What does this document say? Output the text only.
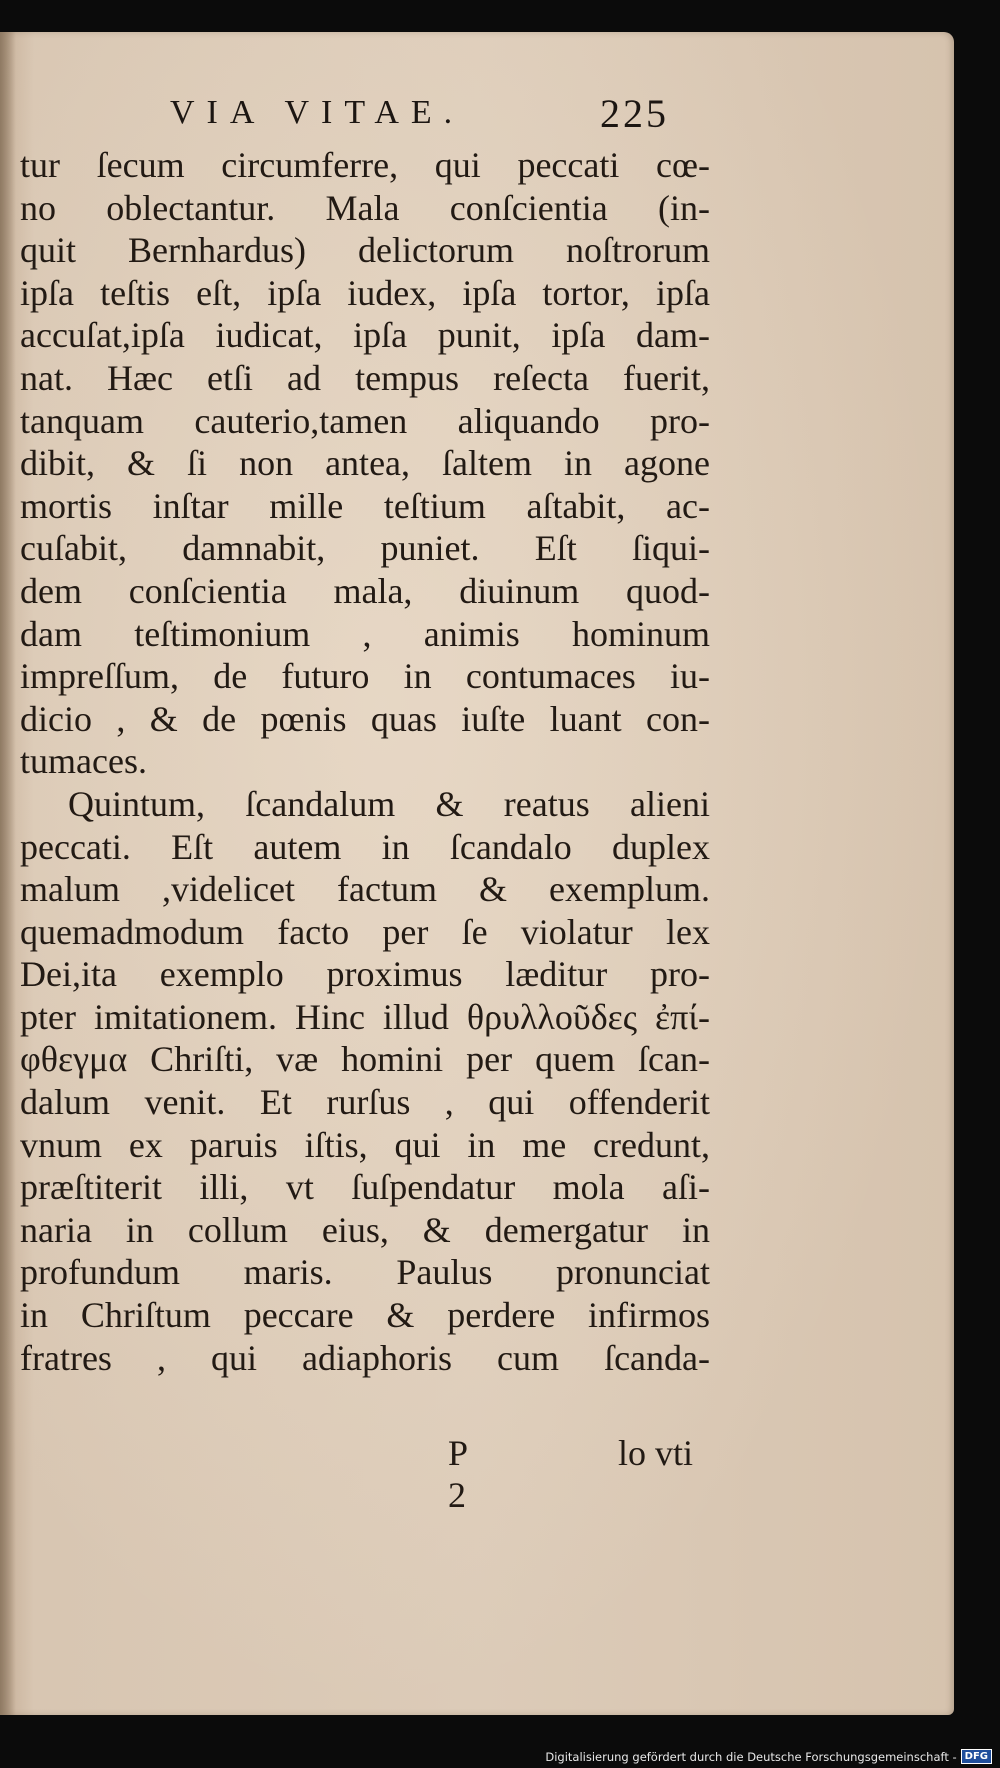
VIA VITAE.	225
tur ſecum circumferre, qui peccati cœ-
no oblectantur. Mala conſcientia (in-
quit Bernhardus) delictorum noſtrorum
ipſa teſtis eſt, ipſa iudex, ipſa tortor, ipſa
accuſat,ipſa iudicat, ipſa punit, ipſa dam-
nat. Hæc etſi ad tempus reſecta fuerit,
tanquam cauterio,tamen aliquando pro-
dibit, & ſi non antea, ſaltem in agone
mortis inſtar mille teſtium aſtabit, ac-
cuſabit, damnabit, puniet. Eſt ſiqui-
dem conſcientia mala, diuinum quod-
dam teſtimonium , animis hominum
impreſſum, de futuro in contumaces iu-
dicio , & de pœnis quas iuſte luant con-
tumaces.
Quintum, ſcandalum & reatus alieni
peccati. Eſt autem in ſcandalo duplex
malum ,videlicet factum & exemplum.
quemadmodum facto per ſe violatur lex
Dei,ita exemplo proximus læditur pro-
pter imitationem. Hinc illud θρυλλοῦδες ἐπί-
φθεγμα Chriſti, væ homini per quem ſcan-
dalum venit. Et rurſus , qui offenderit
vnum ex paruis iſtis, qui in me credunt,
præſtiterit illi, vt ſuſpendatur mola aſi-
naria in collum eius, & demergatur in
profundum maris. Paulus pronunciat
in Chriſtum peccare & perdere infirmos
fratres , qui adiaphoris cum ſcanda-
P 2
lo vti
Digitalisierung gefördert durch die Deutsche Forschungsgemeinschaft - DFG
